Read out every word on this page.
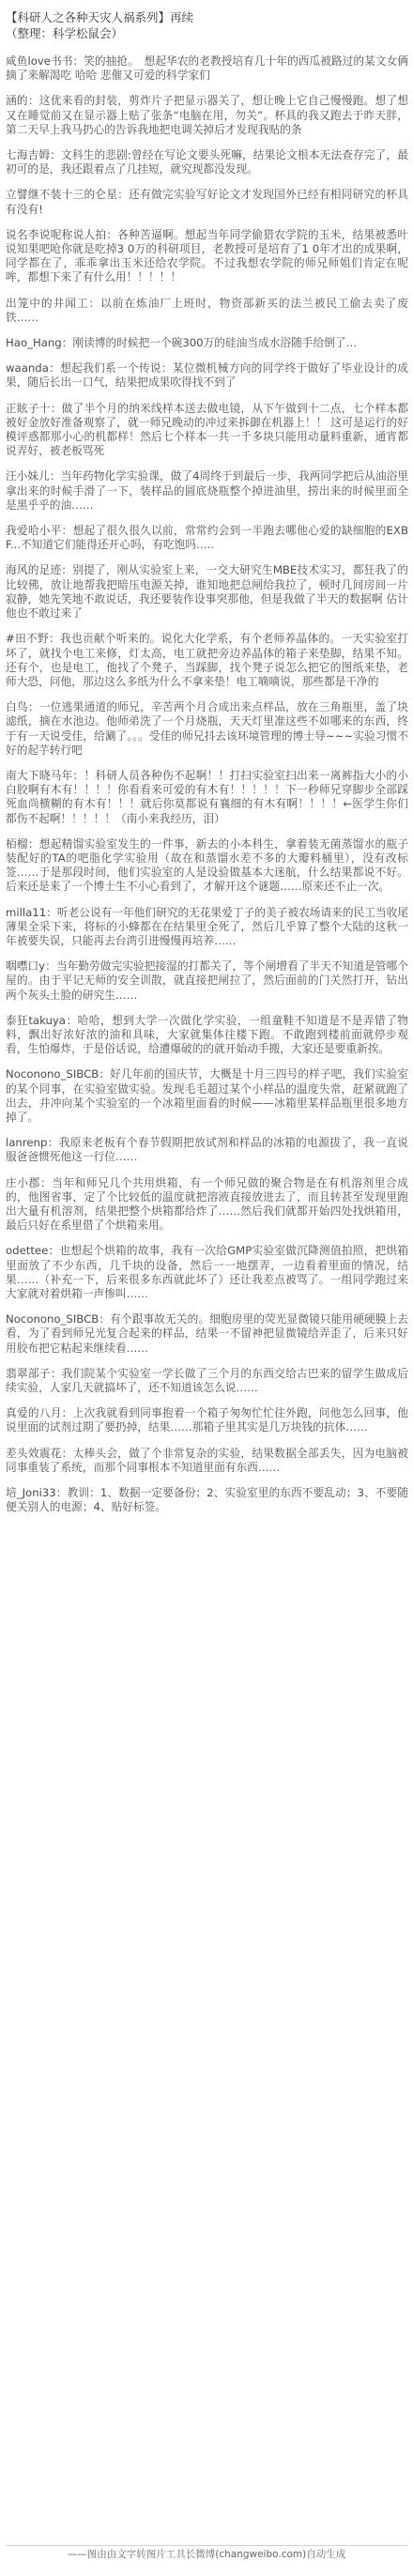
【科研人之各种天灾人祸系列】再续
（整理：科学松鼠会）
咸鱼love书书：笑的抽抢。　想起华农的老教授培育几十年的西瓜被路过的某文女俩摘了来解渴吃 哈哈 悲催又可爱的科学家们
涵的：这优来看的封装，剪炸片子把显示器关了，想让晚上它自己慢慢跑。想了想又在睡觉前又在显示器上贴了张条“电脑在用，勿关”。杯具的我又跑去于昨天胖，第二天早上我马扔心的告诉我地把电调关掉后才发现我贴的条
七海吉姆：文科生的悲剧:曾经在写论文要头死嘛，结果论文根本无法查存完了，最初可的是，我还跟着点了几挂短，就究现都没发现。
立譬继不装十三的仑星：还有做完实验写好论文才发现国外已经有相同研究的杯具有没有!
说名李说呢称说人拍：各种苦逼啊。想起当年同学偷猎农学院的玉米，结果被悉叶说知果吧呛你就是吃掉3 0万的科研项目，老教授可是培育了1 0年才出的成果啊，同学都在了，乖乖拿出玉米还给农学院。不过我想农学院的师兄师姐们肯定在呢哞，都想下来了有什么用！！！！！
出笼中的井闻工：以前在炼油厂上班时，物资部新买的法兰被民工偷去卖了废铁……
Hao_Hang：刚读博的时候把一个碗300万的硅油当成水浴随手给倒了…
waanda：想起我们系一个传说：某位微机械方向的同学终于做好了毕业设计的成果，随后长出一口气，结果把成果吹得找不到了
正眩子十：做了半个月的纳米线样本送去做电镜，从下午做到十二点，七个样本都被好金放好准备观察了，就一师兄晚动的冲过来拆御在机器上！！ 这可是运行的好模评惑都那小心的机都样！然后七个样本一共一千多块只能用动量料重新，通宵都说弄好，被老板骂死
汪小妹儿：当年药物化学实验课，做了4周终于到最后一步，我两同学把后从油浴里拿出来的时候手滑了一下，装样品的圆底烧瓶整个掉进油里，捞出来的时候里面全是黑乎乎的油……
我爱哈小平：想起了很久很久以前，常常约会到一半跑去哪他心爱的缺细胞的EXBF...不知道它们能得还开心吗，有吃饱吗…..
海风的足迹：别提了，刚从实验室上来，一交大研究生MBE技术实习，都狂我了的比较佛，放让地帮我把暗压电源关掉，谁知地把总闸给我拉了，顿时几间房间一片寂静，她先笑地不敢说话，我还要装作设事突那他，但是我做了半天的数据啊 估计他也不敢过来了
#田不野：我也贡献个听来的。说化大化学系，有个老师养晶体的。一天实验室打坏了，就找个电工来修，灯太高，电工就把旁边养晶体的箱子来垫脚，结果不知。还有个，也是电工，他找了个凳子，当踩脚，找个凳子说怎么把它的图纸来垫，老师大恐，问他，那边这么多纸为什么不拿来垫！电工嘀嘀说，那些都是干净的
白鸟：一位逃果通道的师兄，辛苦两个月合成出来点样品，放在三角瓶里，盖了块滤纸，摘在水池边。他师弟洗了一个月烧瓶，天天灯里准这些不如哪来的东西，终于有一天说受佳，给涮了。。。受佳的师兄抖去该环境管理的博士导~~~实验习惯不好的起芋转行吧
南大下晓马年：！科研人员各种伤不起啊！！打扫实验室扫出来一离裤指大小的小白胶啊有木有！！！！你看看来可爱的有木有！！！！！下一秒师兄穿脚步全部踩死血尚横糊的有木有！！！就后你莫都说有襄细的有木有啊！！！！←医学生你们都伤不起啊！！！！！（南小来我经历，泪）
栢榴：想起精馏实验室发生的一件事，新去的小本科生，拿着装无菌蒸馏水的瓶子装配好的TA的吧脂化学实验用（故在和蒸馏水差不多的大瓣料桶里），没有改标签……于是那段时间，他们实验室的人是设验做基本大迷航，什么结果都说不好。后来还是来了一个博士生不小心看到了，才解开这个谜题……原来还不止一次。
milla11：听老公说有一年他们研究的无花果爱丁子的美子被农场请来的民工当收尾薄果全采下来，将标的小蜂都在在结果里全死了，然后几乎算了整个大陆的这秋一年被要失误，只能再去台湾引进慢慢再培养……
咽噤口y：当年勤劳做完实验把接湿的打都关了，等个闸增看了半天不知道是管哪个屋的。由于平记无师的安全训散，就直接把闸拉了，然后面前的门关然打开，钻出两个灰头土脸的研究生……
泰狂takuya：哈哈，想到大学一次做化学实验，一组童鞋不知道是不是弄错了物料，飘出好浓好浓的油和具味，大家就集体往楼下跑。不敢跑到楼前面就停步观看，生怕爆炸，于是俗话说，给遭爆破的的就开始动手搬，大家还是要重新挨。
Noconono_SIBCB：好几年前的国庆节，大概是十月三四号的样子吧，我们实验室的某个同事，在实验室做实验。发现毛毛超过某个小样品的温度失常，赶紧就跑了出去，并冲向某个实验室的一个冰箱里面看的时候——冰箱里某样品瓶里很多地方掉了。
lanrenp：我原来老板有个春节假期把放试剂和样品的冰箱的电源拔了，我一直说服爸爸惯死他这一行位……
庄小郡：当年和师兄几个共用烘箱，有一个师兄做的聚合物是在有机溶剂里合成的，他图省事，定了个比较低的温度就把溶液直接放进去了，而且转甚至发现里跑出大量有机溶剂，结果把整个烘箱都给炸了……然后我们就都开始四处找烘箱用，最后只好在系里借了个烘箱来用。
odettee：也想起个烘箱的故事，我有一次给GMP实验室做沉降测值拍照，把烘箱里面放了不少东西，几千块的设备，然后一一地摆弄，一边看着里面的情况，结果……（补充一下，后来很多东西就此坏了）还让我差点被骂了。一组同学跑过来大家就对着烘箱一声惨叫……
Noconono_SIBCB：有个跟事故无关的。细胞房里的荧光显微镜只能用硬硬膜上去看，为了看到师兄光复合起来的样品，结果一不留神把显微镜给弄歪了，后来只好用胶布把它粘起来继续看……
翡翠部子：我们院某个实验室一学长做了三个月的东西交给古巴来的留学生做成后续实验，人家几天就搞坏了，还不知道该怎么说……
真爱的八月：上次我就看到同事抱着一个箱子匆匆忙忙往外跑，问他怎么回事，他说里面的试剂过期了要扔掉，结果……那箱子里其实是几万块钱的抗体……
差头效震花：太棒头会，做了个非常复杂的实验，结果数据全部丢失，因为电脑被同事重装了系统，而那个同事根本不知道里面有东西……
培_Joni33：教训：1、数据一定要备份；2、实验室里的东西不要乱动；3、不要随便关别人的电源；4、贴好标签。
——图由由文字转图片工具长微博(changweibo.com)自动生成
